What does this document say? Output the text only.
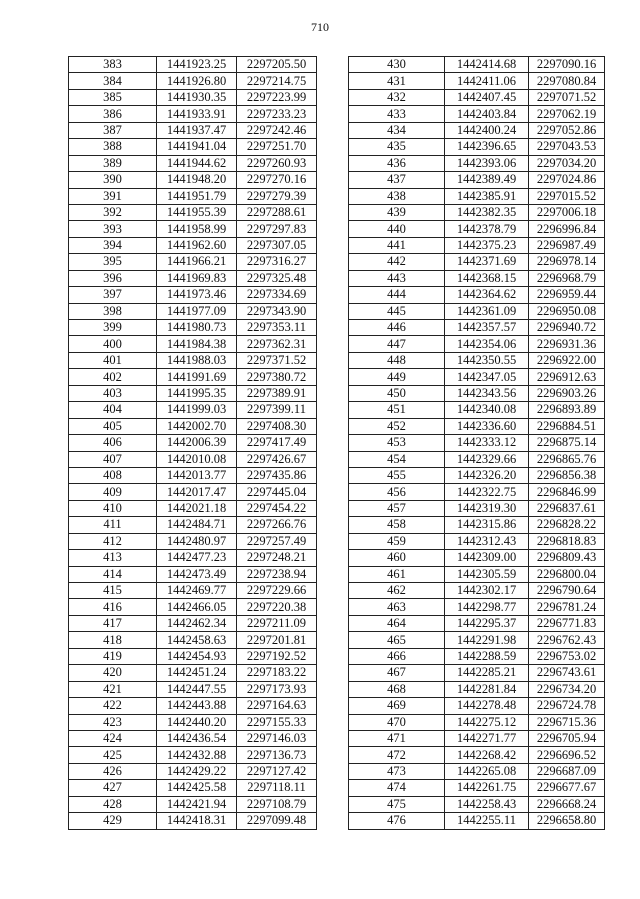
710
383	1441923.25	2297205.50
384	1441926.80	2297214.75
385	1441930.35	2297223.99
386	1441933.91	2297233.23
387	1441937.47	2297242.46
388	1441941.04	2297251.70
389	1441944.62	2297260.93
390	1441948.20	2297270.16
391	1441951.79	2297279.39
392	1441955.39	2297288.61
393	1441958.99	2297297.83
394	1441962.60	2297307.05
395	1441966.21	2297316.27
396	1441969.83	2297325.48
397	1441973.46	2297334.69
398	1441977.09	2297343.90
399	1441980.73	2297353.11
400	1441984.38	2297362.31
401	1441988.03	2297371.52
402	1441991.69	2297380.72
403	1441995.35	2297389.91
404	1441999.03	2297399.11
405	1442002.70	2297408.30
406	1442006.39	2297417.49
407	1442010.08	2297426.67
408	1442013.77	2297435.86
409	1442017.47	2297445.04
410	1442021.18	2297454.22
411	1442484.71	2297266.76
412	1442480.97	2297257.49
413	1442477.23	2297248.21
414	1442473.49	2297238.94
415	1442469.77	2297229.66
416	1442466.05	2297220.38
417	1442462.34	2297211.09
418	1442458.63	2297201.81
419	1442454.93	2297192.52
420	1442451.24	2297183.22
421	1442447.55	2297173.93
422	1442443.88	2297164.63
423	1442440.20	2297155.33
424	1442436.54	2297146.03
425	1442432.88	2297136.73
426	1442429.22	2297127.42
427	1442425.58	2297118.11
428	1442421.94	2297108.79
429	1442418.31	2297099.48
430	1442414.68	2297090.16
431	1442411.06	2297080.84
432	1442407.45	2297071.52
433	1442403.84	2297062.19
434	1442400.24	2297052.86
435	1442396.65	2297043.53
436	1442393.06	2297034.20
437	1442389.49	2297024.86
438	1442385.91	2297015.52
439	1442382.35	2297006.18
440	1442378.79	2296996.84
441	1442375.23	2296987.49
442	1442371.69	2296978.14
443	1442368.15	2296968.79
444	1442364.62	2296959.44
445	1442361.09	2296950.08
446	1442357.57	2296940.72
447	1442354.06	2296931.36
448	1442350.55	2296922.00
449	1442347.05	2296912.63
450	1442343.56	2296903.26
451	1442340.08	2296893.89
452	1442336.60	2296884.51
453	1442333.12	2296875.14
454	1442329.66	2296865.76
455	1442326.20	2296856.38
456	1442322.75	2296846.99
457	1442319.30	2296837.61
458	1442315.86	2296828.22
459	1442312.43	2296818.83
460	1442309.00	2296809.43
461	1442305.59	2296800.04
462	1442302.17	2296790.64
463	1442298.77	2296781.24
464	1442295.37	2296771.83
465	1442291.98	2296762.43
466	1442288.59	2296753.02
467	1442285.21	2296743.61
468	1442281.84	2296734.20
469	1442278.48	2296724.78
470	1442275.12	2296715.36
471	1442271.77	2296705.94
472	1442268.42	2296696.52
473	1442265.08	2296687.09
474	1442261.75	2296677.67
475	1442258.43	2296668.24
476	1442255.11	2296658.80
